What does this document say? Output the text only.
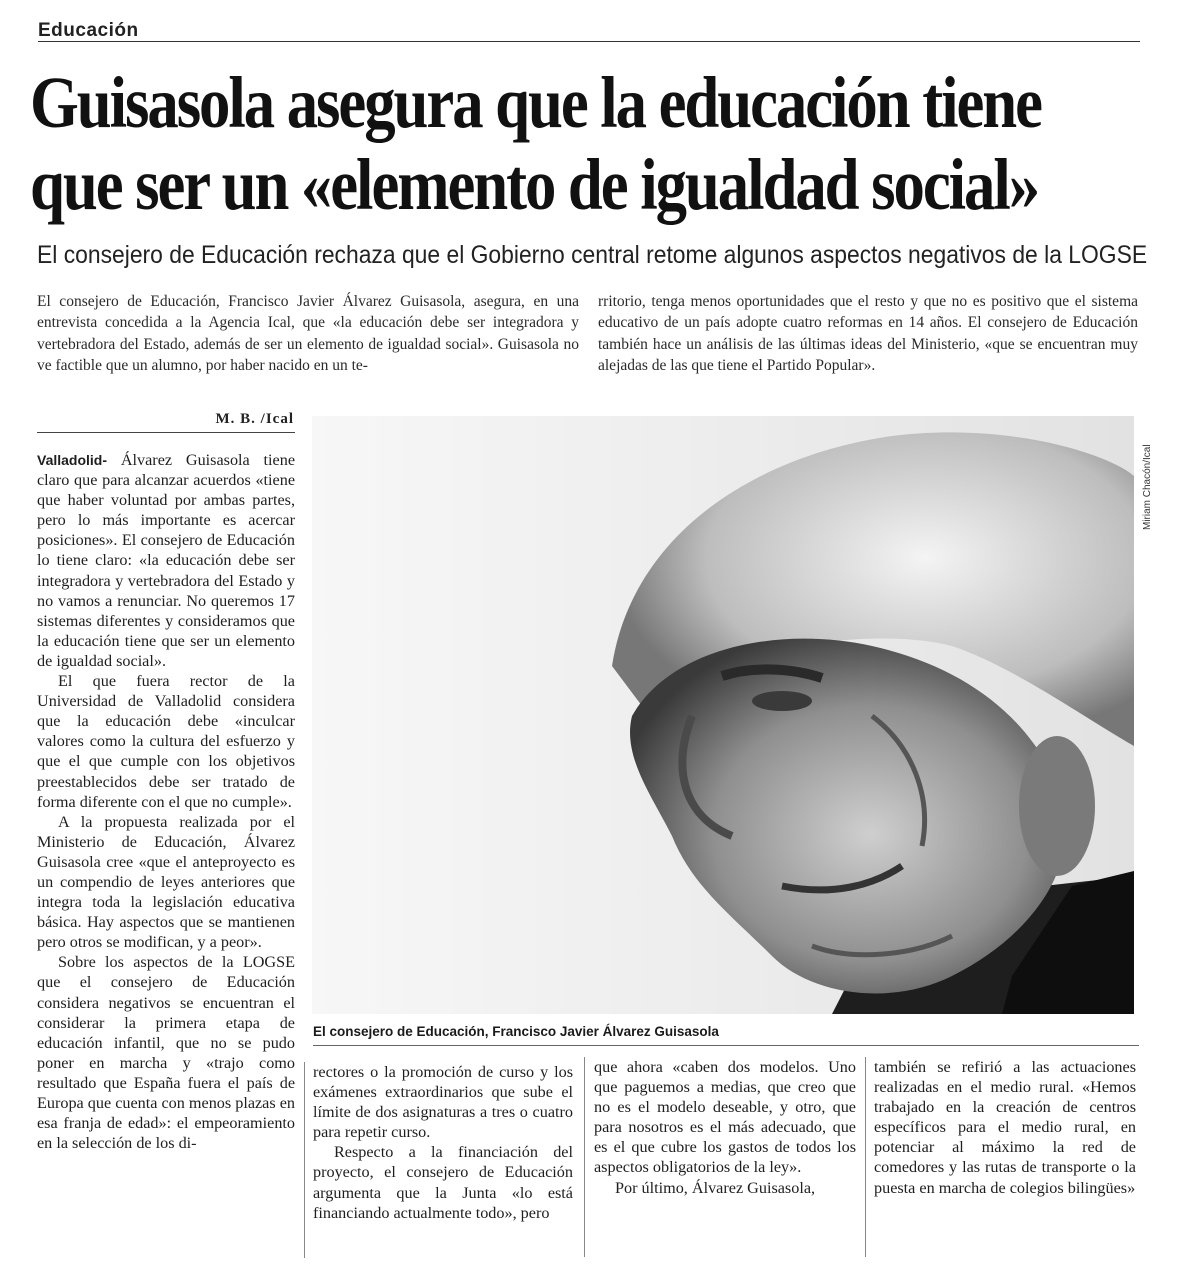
Educación
Guisasola asegura que la educación tiene
que ser un «elemento de igualdad social»
El consejero de Educación rechaza que el Gobierno central retome algunos aspectos negativos de la LOGSE
El consejero de Educación, Francisco Javier Álvarez Guisasola, asegura, en una entrevista concedida a la Agencia Ical, que «la educación debe ser integradora y vertebradora del Estado, además de ser un elemento de igualdad social». Guisasola no ve factible que un alumno, por haber nacido en un te-
rritorio, tenga menos oportunidades que el resto y que no es positivo que el sistema educativo de un país adopte cuatro reformas en 14 años. El consejero de Educación también hace un análisis de las últimas ideas del Ministerio, «que se encuentran muy alejadas de las que tiene el Partido Popular».
M. B. /Ical
Miriam Chacón/Ical
El consejero de Educación, Francisco Javier Álvarez Guisasola

Valladolid- Álvarez Guisasola tiene claro que para alcanzar acuerdos «tiene que haber voluntad por ambas partes, pero lo más importante es acercar posiciones». El consejero de Educación lo tiene claro: «la educación debe ser integradora y vertebradora del Estado y no vamos a renunciar. No queremos 17 sistemas diferentes y consideramos que la educación tiene que ser un elemento de igualdad social».

El que fuera rector de la Universidad de Valladolid considera que la educación debe «inculcar valores como la cultura del esfuerzo y que el que cumple con los objetivos preestablecidos debe ser tratado de forma diferente con el que no cumple».

A la propuesta realizada por el Ministerio de Educación, Álvarez Guisasola cree «que el anteproyecto es un compendio de leyes anteriores que integra toda la legislación educativa básica. Hay aspectos que se mantienen pero otros se modifican, y a peor».

Sobre los aspectos de la LOGSE que el consejero de Educación considera negativos se encuentran el considerar la primera etapa de educación infantil, que no se pudo poner en marcha y «trajo como resultado que España fuera el país de Europa que cuenta con menos plazas en esa franja de edad»: el empeoramiento en la selección de los di-

rectores o la promoción de curso y los exámenes extraordinarios que sube el límite de dos asignaturas a tres o cuatro para repetir curso.

Respecto a la financiación del proyecto, el consejero de Educación argumenta que la Junta «lo está financiando actualmente todo», pero

que ahora «caben dos modelos. Uno que paguemos a medias, que creo que no es el modelo deseable, y otro, que para nosotros es el más adecuado, que es el que cubre los gastos de todos los aspectos obligatorios de la ley».

Por último, Álvarez Guisasola,

también se refirió a las actuaciones realizadas en el medio rural. «Hemos trabajado en la creación de centros específicos para el medio rural, en potenciar al máximo la red de comedores y las rutas de transporte o la puesta en marcha de colegios bilingües»
